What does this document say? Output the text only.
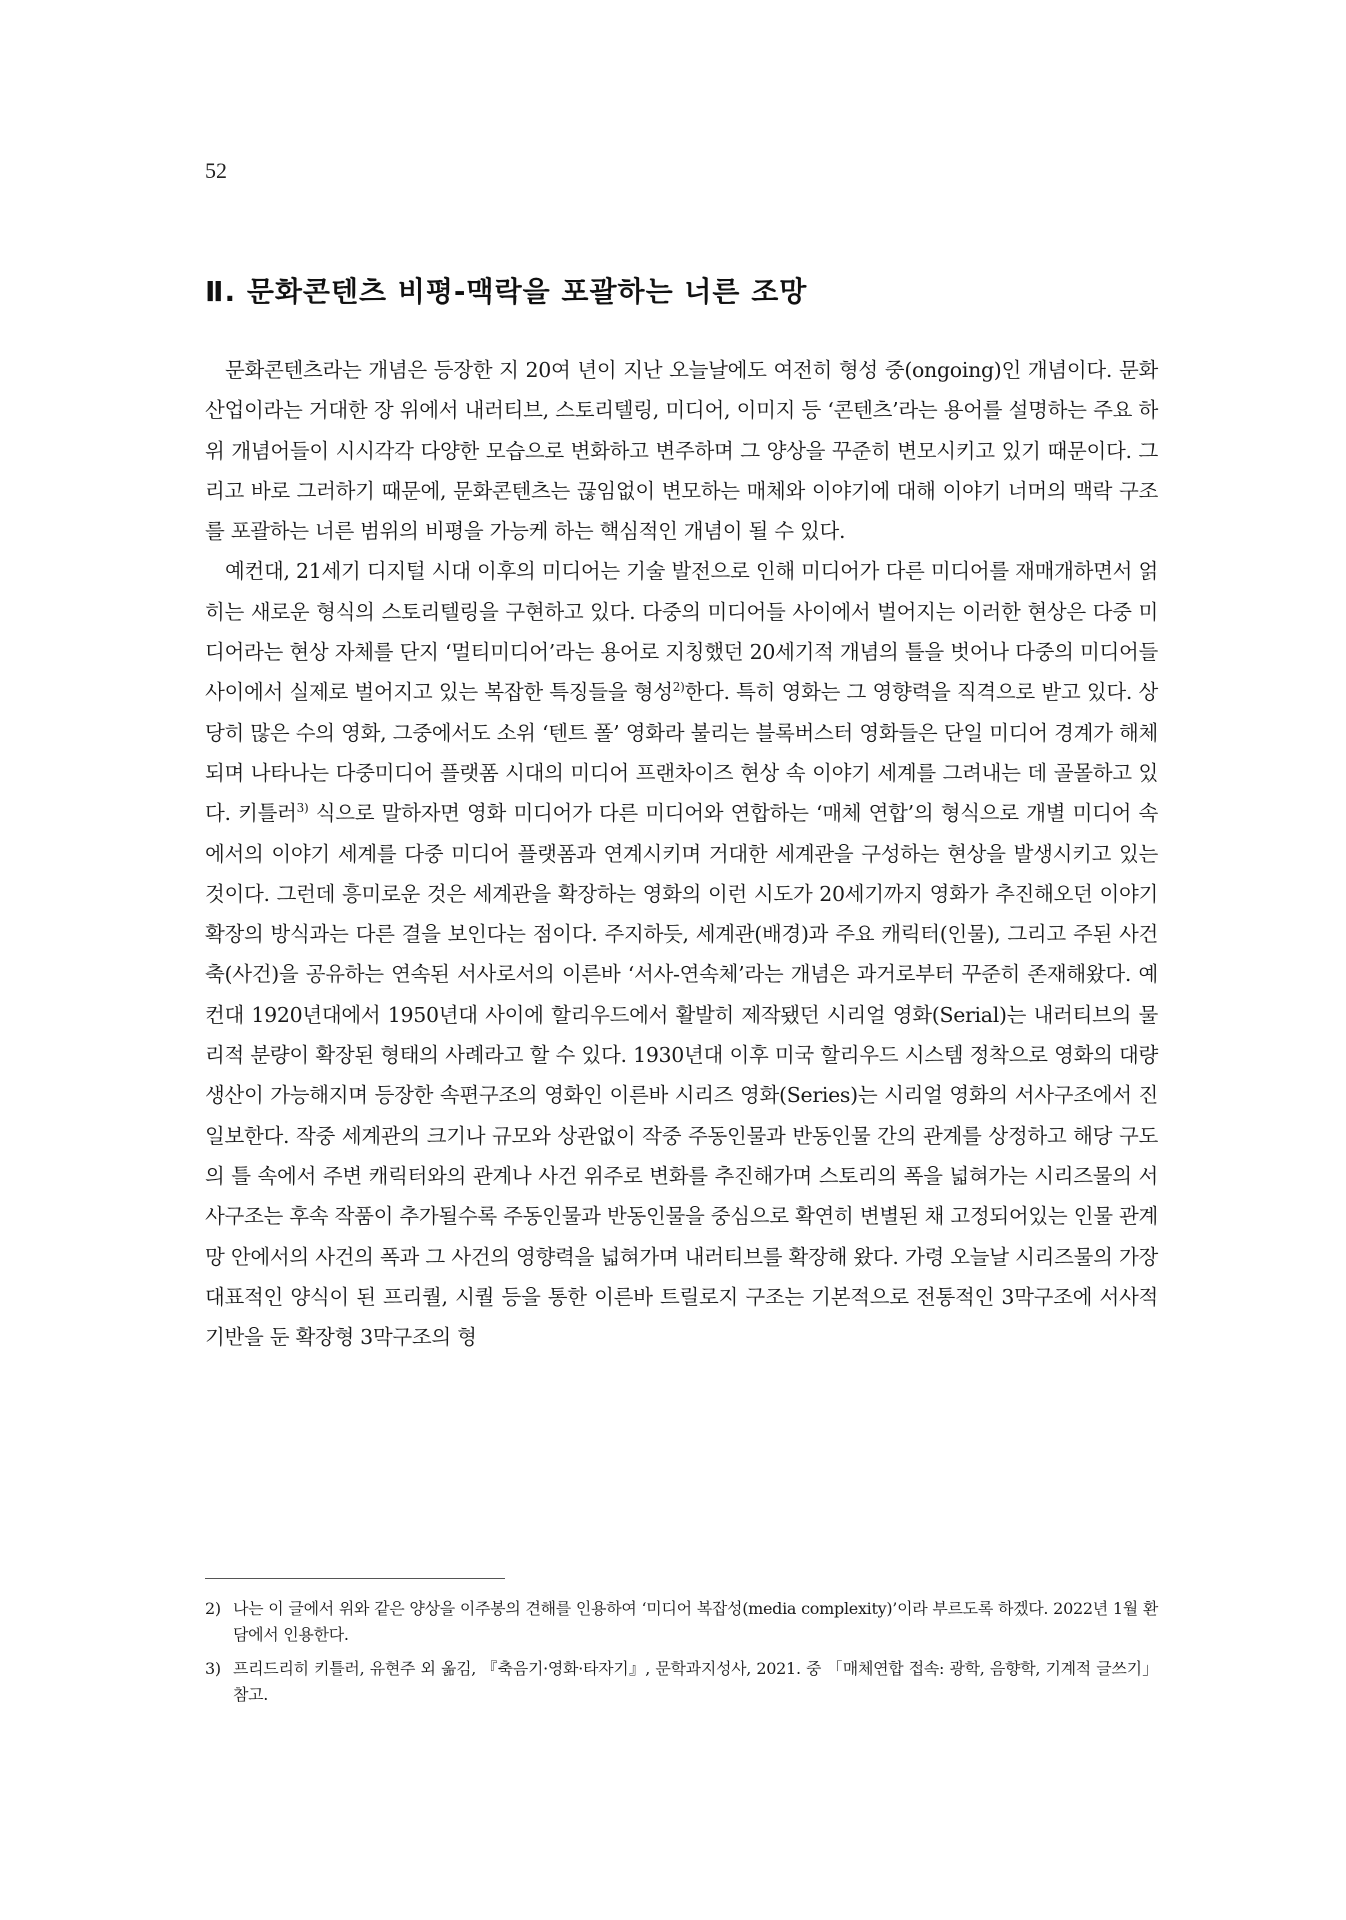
52
Ⅱ. 문화콘텐츠 비평-맥락을 포괄하는 너른 조망

문화콘텐츠라는 개념은 등장한 지 20여 년이 지난 오늘날에도 여전히 형성 중(ongoing)인 개념이다. 문화산업이라는 거대한 장 위에서 내러티브, 스토리텔링, 미디어, 이미지 등 ‘콘텐츠’라는 용어를 설명하는 주요 하위 개념어들이 시시각각 다양한 모습으로 변화하고 변주하며 그 양상을 꾸준히 변모시키고 있기 때문이다. 그리고 바로 그러하기 때문에, 문화콘텐츠는 끊임없이 변모하는 매체와 이야기에 대해 이야기 너머의 맥락 구조를 포괄하는 너른 범위의 비평을 가능케 하는 핵심적인 개념이 될 수 있다.

예컨대, 21세기 디지털 시대 이후의 미디어는 기술 발전으로 인해 미디어가 다른 미디어를 재매개하면서 얽히는 새로운 형식의 스토리텔링을 구현하고 있다. 다중의 미디어들 사이에서 벌어지는 이러한 현상은 다중 미디어라는 현상 자체를 단지 ‘멀티미디어’라는 용어로 지칭했던 20세기적 개념의 틀을 벗어나 다중의 미디어들 사이에서 실제로 벌어지고 있는 복잡한 특징들을 형성$^{2)}$한다. 특히 영화는 그 영향력을 직격으로 받고 있다. 상당히 많은 수의 영화, 그중에서도 소위 ‘텐트 폴’ 영화라 불리는 블록버스터 영화들은 단일 미디어 경계가 해체되며 나타나는 다중미디어 플랫폼 시대의 미디어 프랜차이즈 현상 속 이야기 세계를 그려내는 데 골몰하고 있다. 키틀러$^{3)}$ 식으로 말하자면 영화 미디어가 다른 미디어와 연합하는 ‘매체 연합’의 형식으로 개별 미디어 속에서의 이야기 세계를 다중 미디어 플랫폼과 연계시키며 거대한 세계관을 구성하는 현상을 발생시키고 있는 것이다. 그런데 흥미로운 것은 세계관을 확장하는 영화의 이런 시도가 20세기까지 영화가 추진해오던 이야기 확장의 방식과는 다른 결을 보인다는 점이다. 주지하듯, 세계관(배경)과 주요 캐릭터(인물), 그리고 주된 사건축(사건)을 공유하는 연속된 서사로서의 이른바 ‘서사-연속체’라는 개념은 과거로부터 꾸준히 존재해왔다. 예컨대 1920년대에서 1950년대 사이에 할리우드에서 활발히 제작됐던 시리얼 영화(Serial)는 내러티브의 물리적 분량이 확장된 형태의 사례라고 할 수 있다. 1930년대 이후 미국 할리우드 시스템 정착으로 영화의 대량생산이 가능해지며 등장한 속편구조의 영화인 이른바 시리즈 영화(Series)는 시리얼 영화의 서사구조에서 진일보한다. 작중 세계관의 크기나 규모와 상관없이 작중 주동인물과 반동인물 간의 관계를 상정하고 해당 구도의 틀 속에서 주변 캐릭터와의 관계나 사건 위주로 변화를 추진해가며 스토리의 폭을 넓혀가는 시리즈물의 서사구조는 후속 작품이 추가될수록 주동인물과 반동인물을 중심으로 확연히 변별된 채 고정되어있는 인물 관계망 안에서의 사건의 폭과 그 사건의 영향력을 넓혀가며 내러티브를 확장해 왔다. 가령 오늘날 시리즈물의 가장 대표적인 양식이 된 프리퀄, 시퀄 등을 통한 이른바 트릴로지 구조는 기본적으로 전통적인 3막구조에 서사적 기반을 둔 확장형 3막구조의 형

2) 나는 이 글에서 위와 같은 양상을 이주봉의 견해를 인용하여 ‘미디어 복잡성(media complexity)’이라 부르도록 하겠다. 2022년 1월 환담에서 인용한다.
3) 프리드리히 키틀러, 유현주 외 옮김, 『축음기·영화·타자기』, 문학과지성사, 2021. 중 「매체연합 접속: 광학, 음향학, 기계적 글쓰기」 참고.
